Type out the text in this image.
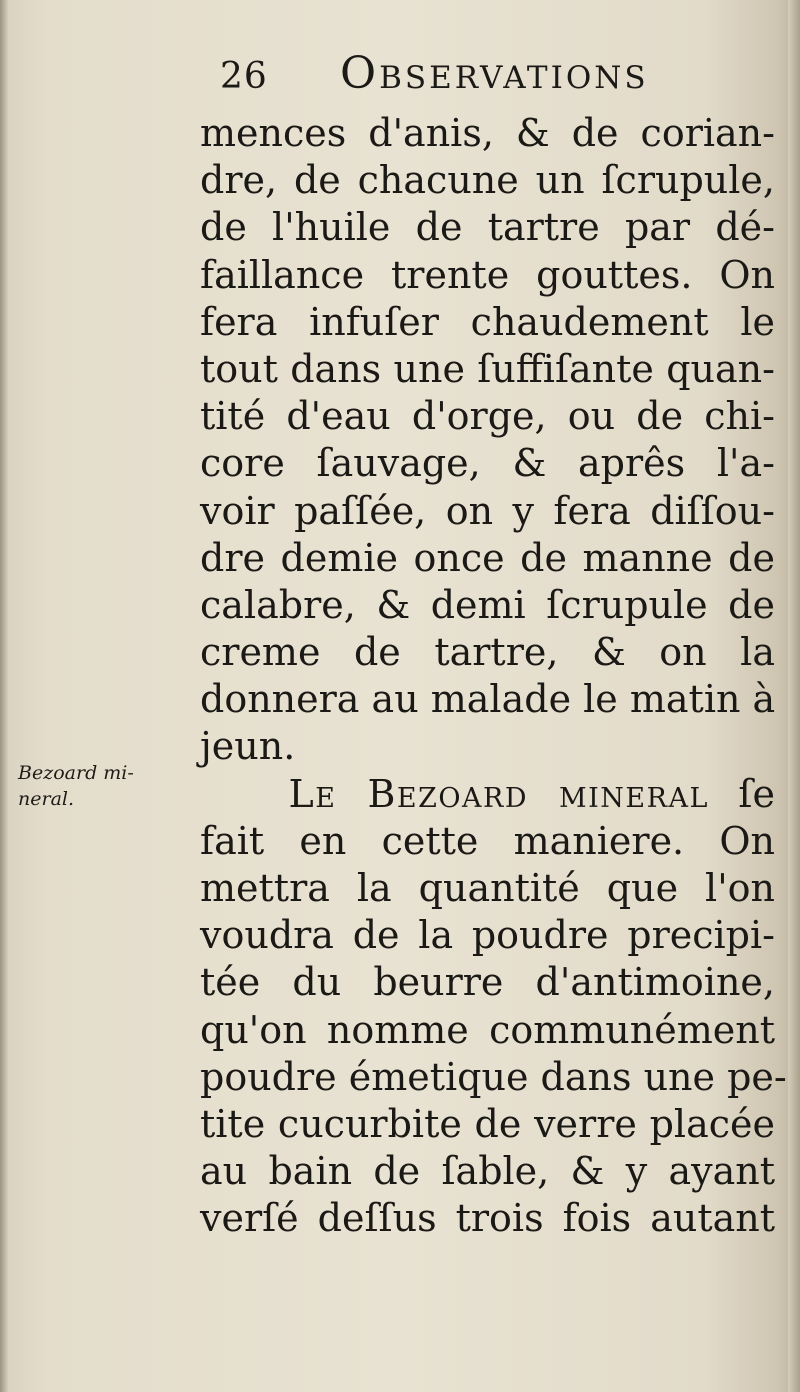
26 Observations
Bezoard mi-
neral.
mences d'anis, & de corian-
dre, de chacune un ſcrupule,
de l'huile de tartre par dé-
faillance trente gouttes. On
fera infuſer chaudement le
tout dans une ſuffiſante quan-
tité d'eau d'orge, ou de chi-
core ſauvage, & aprês l'a-
voir paſſée, on y fera diſſou-
dre demie once de manne de
calabre, & demi ſcrupule de
creme de tartre, & on la
donnera au malade le matin à
jeun.
Le Bezoard mineral ſe
fait en cette maniere. On
mettra la quantité que l'on
voudra de la poudre precipi-
tée du beurre d'antimoine,
qu'on nomme communément
poudre émetique dans une pe-
tite cucurbite de verre placée
au bain de ſable, & y ayant
verſé deſſus trois fois autant
